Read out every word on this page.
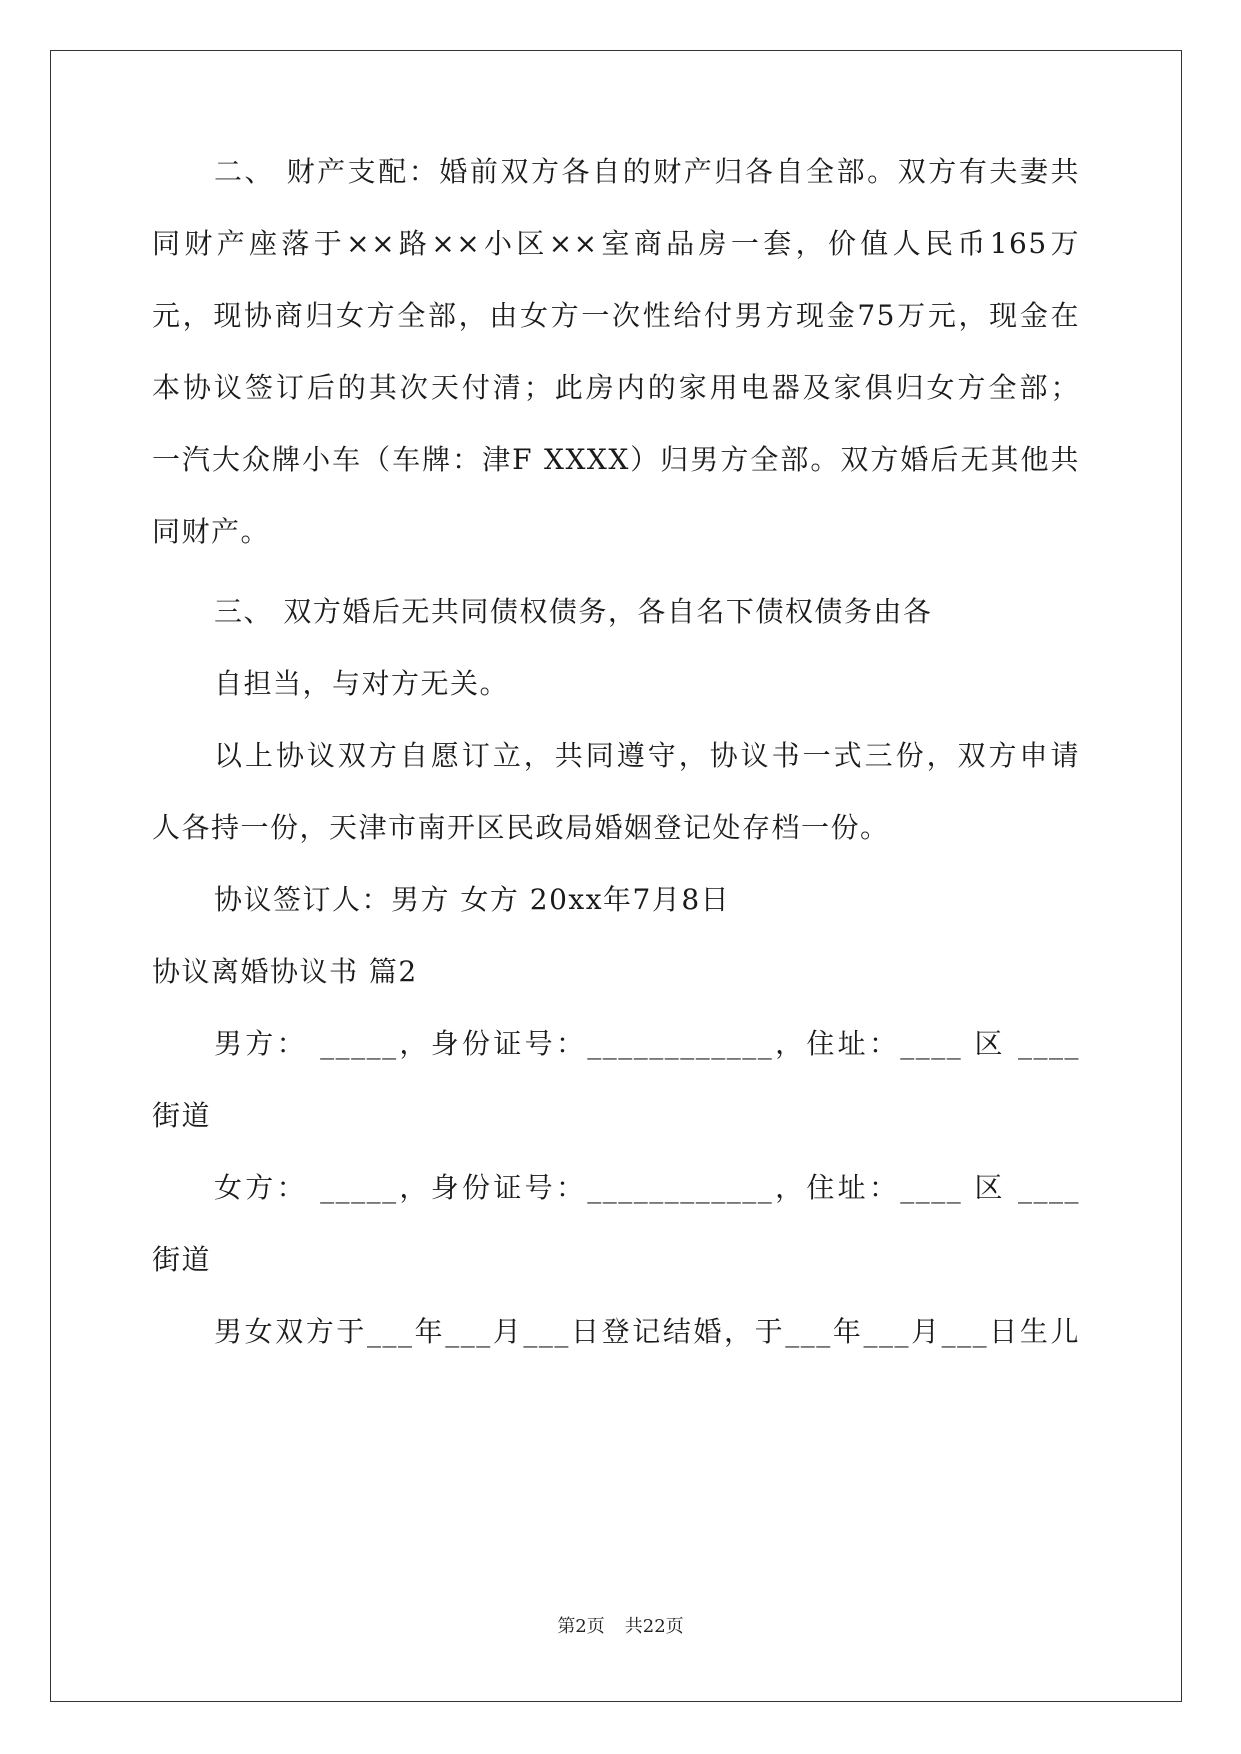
二、 财产支配：婚前双方各自的财产归各自全部。双方有夫妻共
同财产座落于××路××小区××室商品房一套，价值人民币165万
元，现协商归女方全部，由女方一次性给付男方现金75万元，现金在
本协议签订后的其次天付清；此房内的家用电器及家俱归女方全部；
一汽大众牌小车（车牌：津F XXXX）归男方全部。双方婚后无其他共
同财产。
三、 双方婚后无共同债权债务，各自名下债权债务由各
自担当，与对方无关。
以上协议双方自愿订立，共同遵守，协议书一式三份，双方申请
人各持一份，天津市南开区民政局婚姻登记处存档一份。
协议签订人：男方 女方 20xx年7月8日
协议离婚协议书 篇2
男方： _____，身份证号：____________，住址：____ 区 ____
街道
女方： _____，身份证号：____________，住址：____ 区 ____
街道
男女双方于___年___月___日登记结婚，于___年___月___日生儿
第2页 共22页
